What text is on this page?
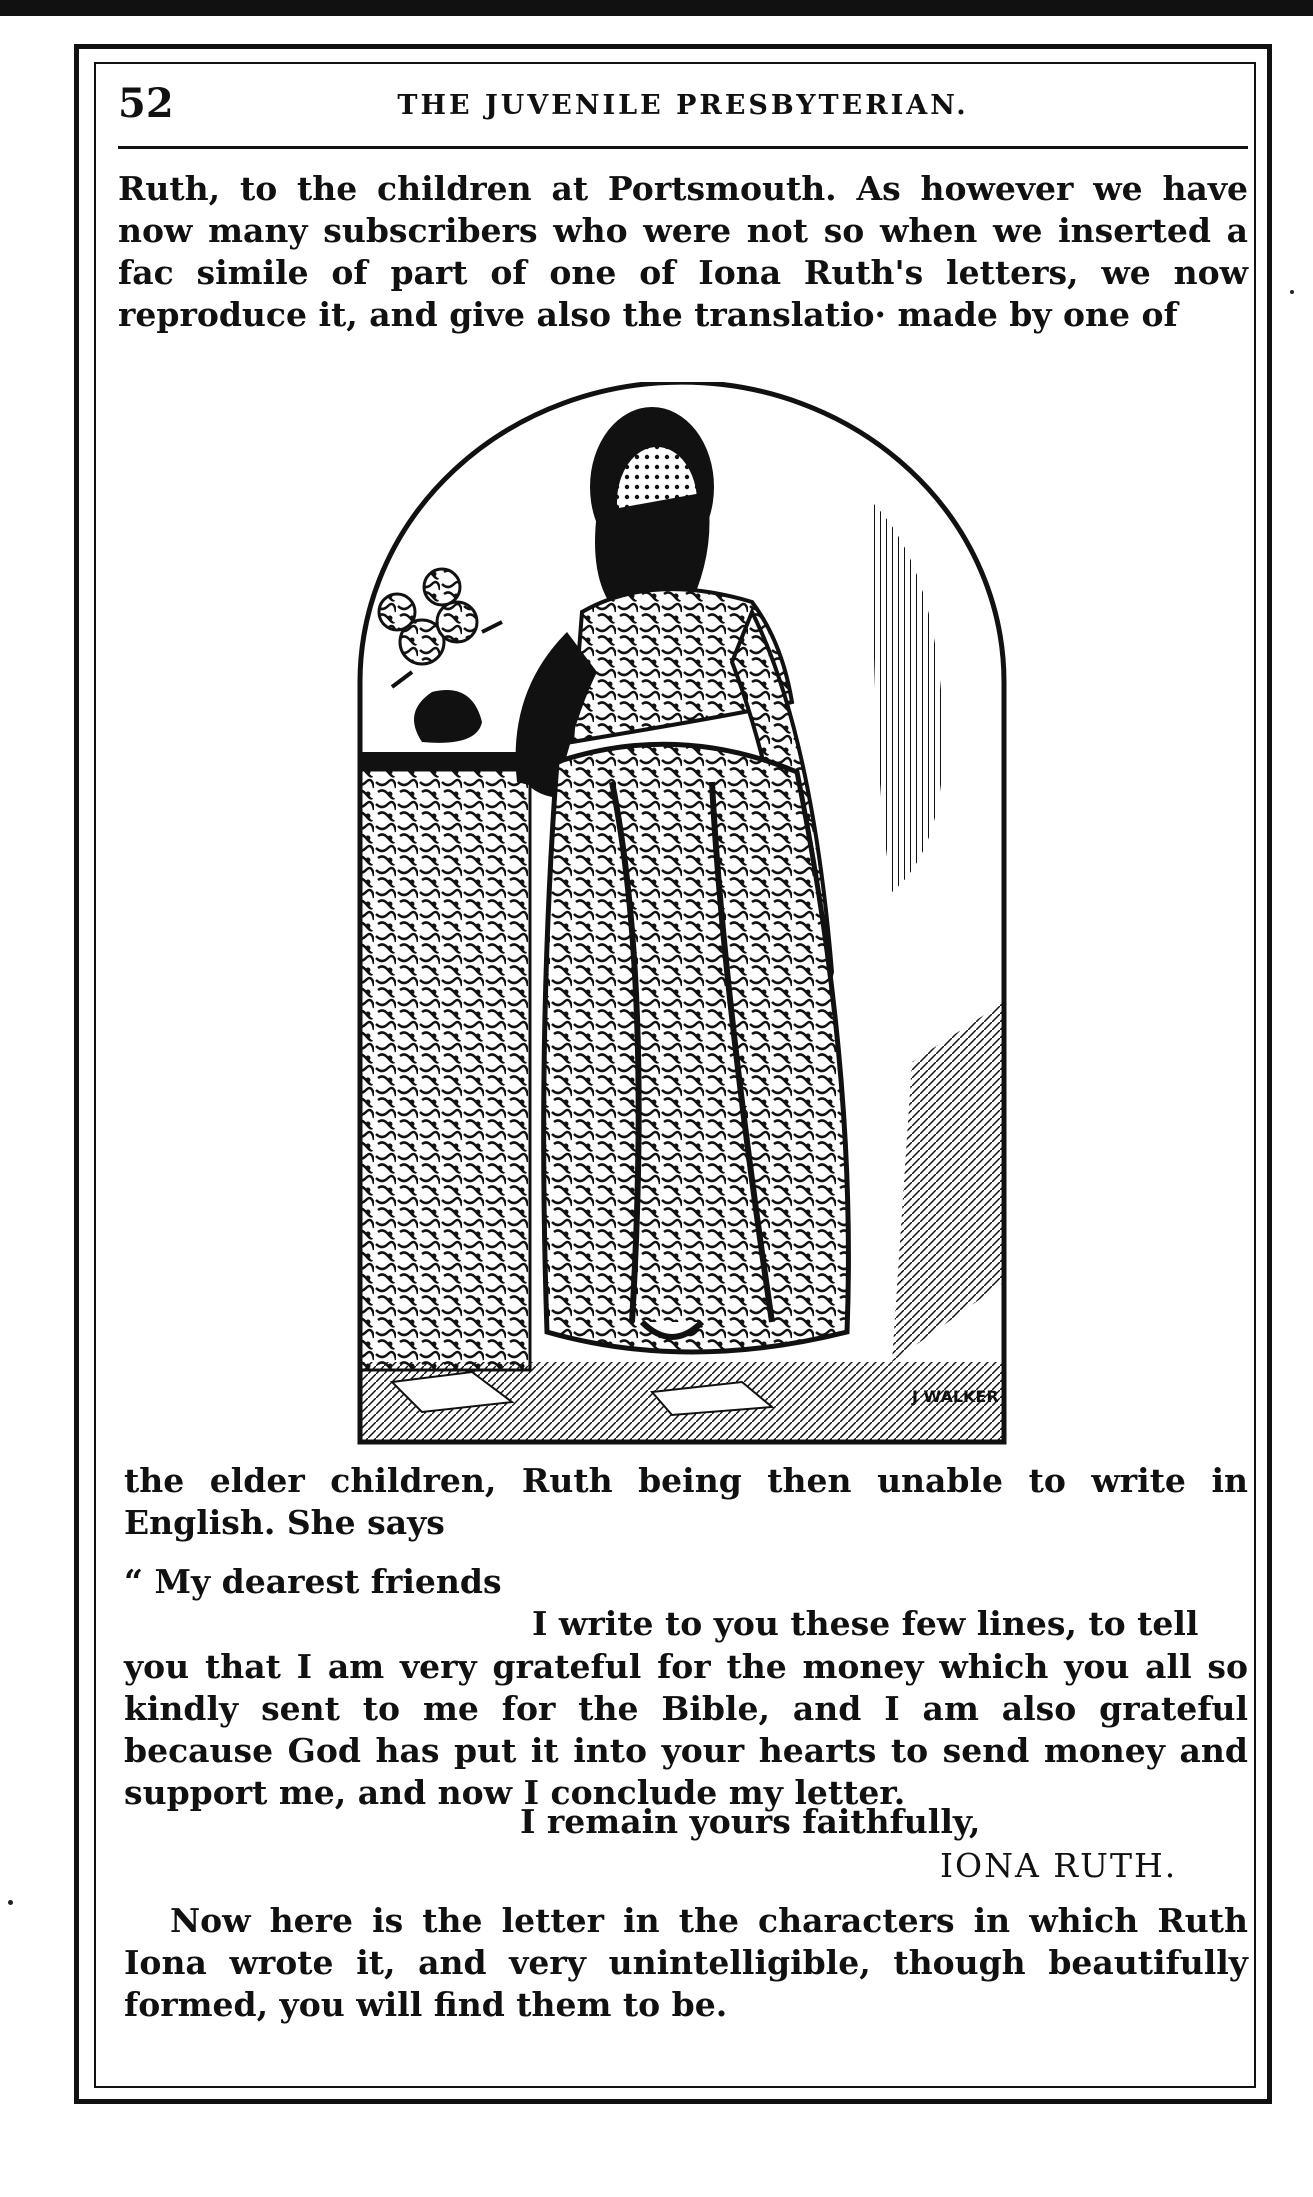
52	THE JUVENILE PRESBYTERIAN.
Ruth, to the children at Portsmouth. As however we have now many subscribers who were not so when we inserted a fac simile of part of one of Iona Ruth's letters, we now reproduce it, and give also the translatio· made by one of
J WALKER
the elder children, Ruth being then unable to write in English. She says
“ My dearest friends
I write to you these few lines, to tell
you that I am very grateful for the money which you all so kindly sent to me for the Bible, and I am also grateful because God has put it into your hearts to send money and support me, and now I conclude my letter.
I remain yours faithfully,
IONA RUTH.
Now here is the letter in the characters in which Ruth Iona wrote it, and very unintelligible, though beautifully formed, you will find them to be.
